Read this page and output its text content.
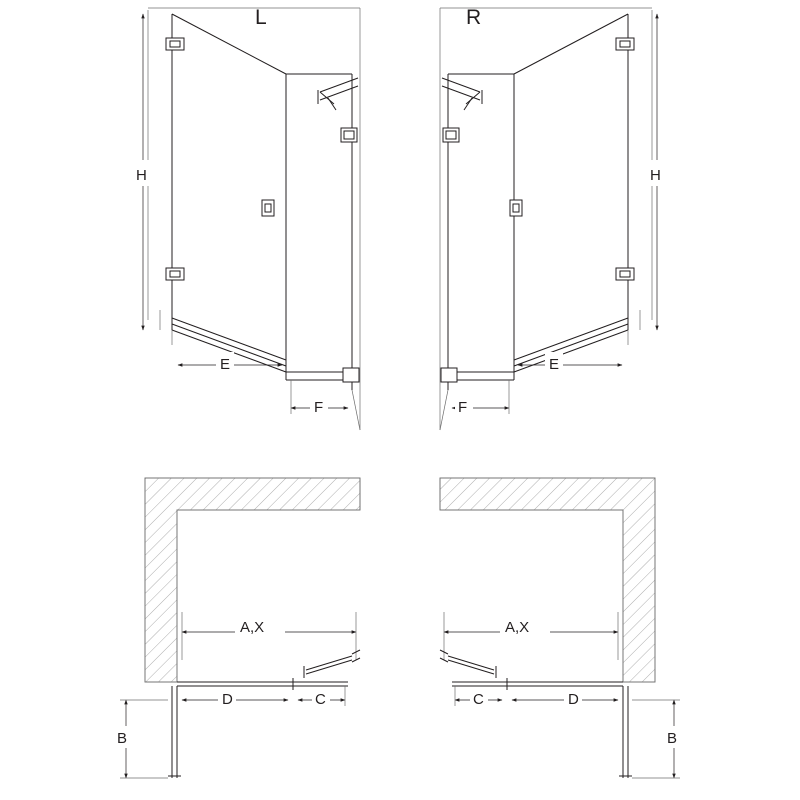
H
E
F
L
H
E
F
R
A,X
D	C
B
A,X
D
C
B
